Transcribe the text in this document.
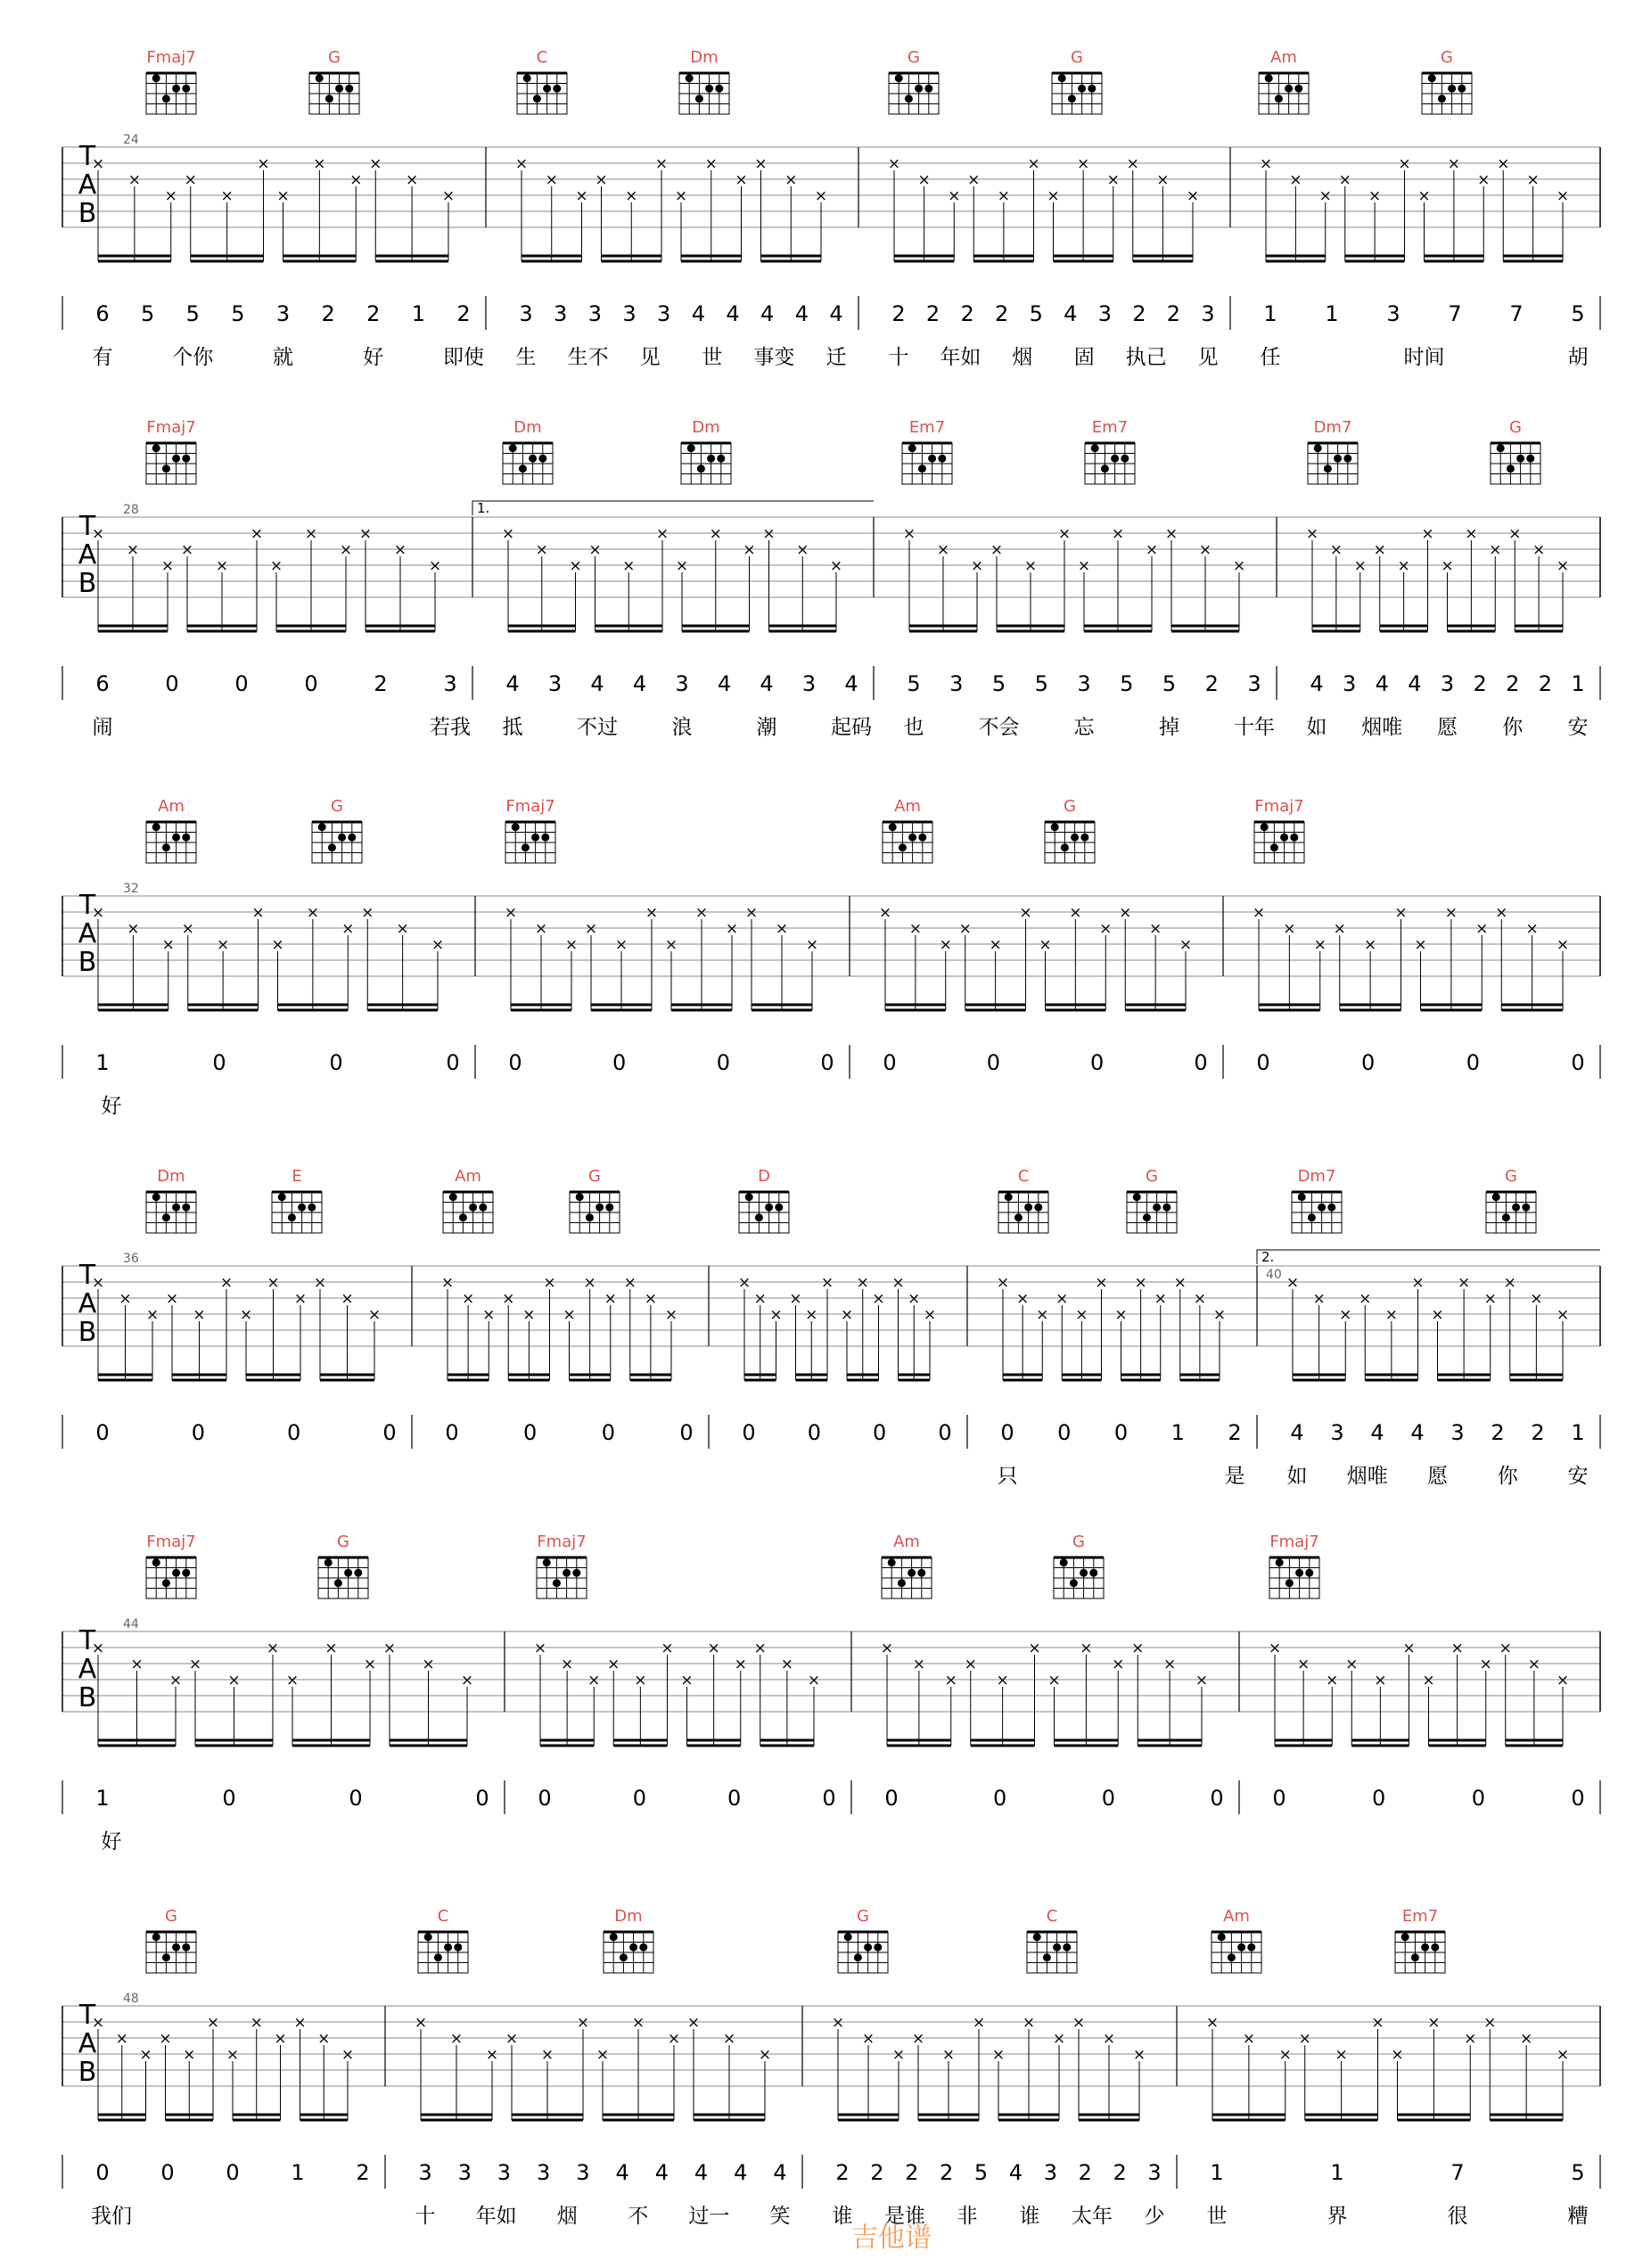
Fmaj7	G	C	Dm	G	G	Am	G
T
A
B
24
×
×
×
×
×
×
×
×
×
×
×
×
×
×
×
×
×
×
×
×
×
×
×
×
×
×
×
×
×
×
×
×
×
×
×
×
×
×
×
×
×
×
×
×
×
×
×
×
6 5 5 5 3 2 2 1 2
有	个你	就	好	即使
3 3 3 3 3 4 4 4 4 4
生 生不 见 世 事变 迁
2 2 2 2 5 4 3 2 2 3
十 年如 烟 固 执己 见
1 1 3 7 7 5
任	时间	胡
Fmaj7	Dm	Dm	Em7	Em7	Dm7	G
T
A
B
28	1.
×
×
×
×
×
×
×
×
×
×
×
×
×
×
×
×
×
×
×
×
×
×
×
×
×
×
×
×
×
×
×
×
×
×
×
×
×
×
×
×
×
×
×
×
×
×
×
×
6	0	0	0	2	3
闹	若我
4 3 4 4 3 4 4 3 4
抵	不过	浪	潮	起码
5 3 5 5 3 5 5 2 3
也	不会	忘	掉	十年
4 3 4 4 3 2 2 2 1
如 烟唯 愿 你 安
Am	G	Fmaj7	Am	G	Fmaj7
T
A
B
32
×
×
×
×
×
×
×
×
×
×
×
×
×
×
×
×
×
×
×
×
×
×
×
×
×
×
×
×
×
×
×
×
×
×
×
×
×
×
×
×
×
×
×
×
×
×
×
×
1	0	0	0
好
0	0	0	0 0	0	0	0 0	0	0	0
Dm	E	Am	G	D	C	G	Dm7	G
T
A
B
36
40
2.
×
×
×
×
×
×
×
×
×
×
×
×
×
×
×
×
×
×
×
×
×
×
×
×
×
×
×
×
×
×
×
×
×
×
×
×
×
×
×
×
×
×
×
×
×
×
×
×
×
×
×
×
×
×
×
×
×
×
×
×
0	0	0	0 0	0	0	0 0 0 0 0 0 0 0 1 2
只	是
4 3 4 4 3 2 2 1
如 烟唯 愿 你 安
Fmaj7	G	Fmaj7	Am	G	Fmaj7
T
A
B
44
×
×
×
×
×
×
×
×
×
×
×
×
×
×
×
×
×
×
×
×
×
×
×
×
×
×
×
×
×
×
×
×
×
×
×
×
×
×
×
×
×
×
×
×
×
×
×
×
1	0	0	0
好
0	0	0	0 0	0	0	0 0	0	0	0
G	C	Dm	G	C	Am	Em7
T
A
B
48
×
×
×
×
×
×
×
×
×
×
×
×
×
×
×
×
×
×
×
×
×
×
×
×
×
×
×
×
×
×
×
×
×
×
×
×
×
×
×
×
×
×
×
×
×
×
×
×
0 0 0 1 2
我们
3 3 3 3 3 4 4 4 4 4
十 年如 烟 不 过一 笑
2 2 2 2 5 4 3 2 2 3
谁 是谁 非 谁 太年 少
1	1	7	5
世	界	很	糟
吉他谱
